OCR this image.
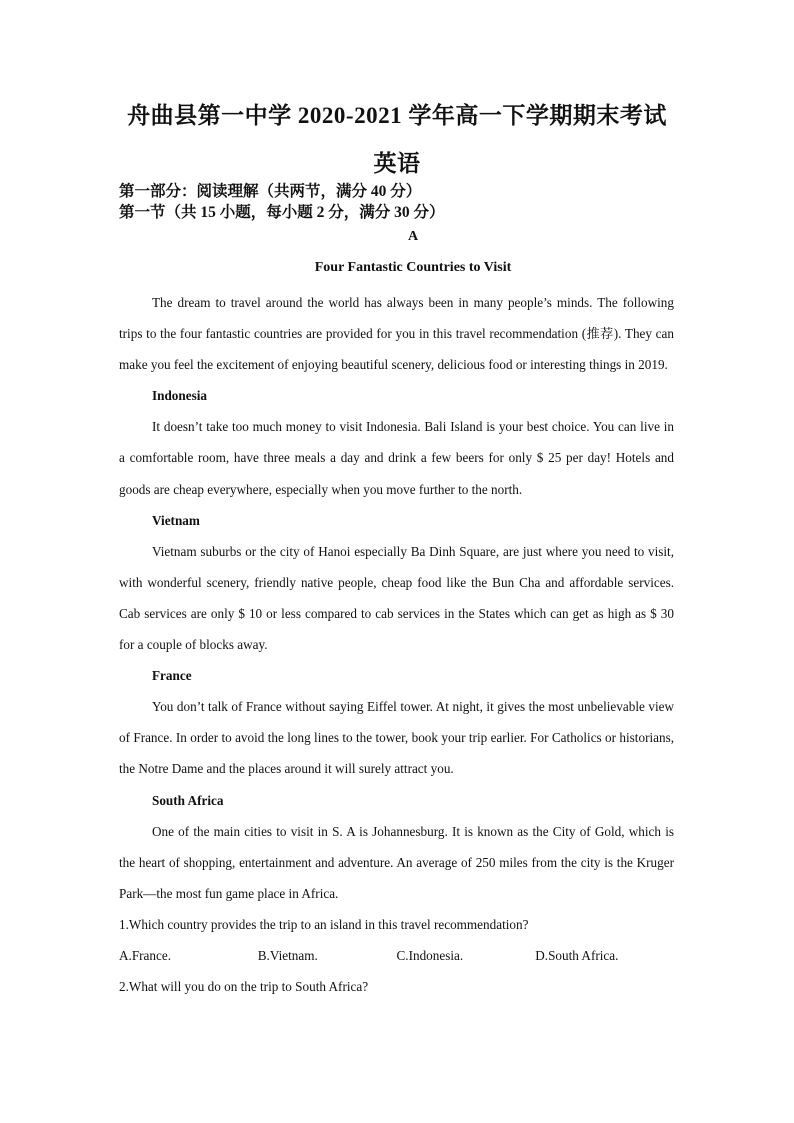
舟曲县第一中学 2020-2021 学年高一下学期期末考试
英语
第一部分：阅读理解（共两节，满分 40 分）
第一节（共 15 小题，每小题 2 分，满分 30 分）
A
Four Fantastic Countries to Visit

The dream to travel around the world has always been in many people’s minds. The following trips to the four fantastic countries are provided for you in this travel recommendation (推荐). They can make you feel the excitement of enjoying beautiful scenery, delicious food or interesting things in 2019.

Indonesia

It doesn’t take too much money to visit Indonesia. Bali Island is your best choice. You can live in a comfortable room, have three meals a day and drink a few beers for only $ 25 per day! Hotels and goods are cheap everywhere, especially when you move further to the north.

Vietnam

Vietnam suburbs or the city of Hanoi especially Ba Dinh Square, are just where you need to visit, with wonderful scenery, friendly native people, cheap food like the Bun Cha and affordable services. Cab services are only $ 10 or less compared to cab services in the States which can get as high as $ 30 for a couple of blocks away.

France

You don’t talk of France without saying Eiffel tower. At night, it gives the most unbelievable view of France. In order to avoid the long lines to the tower, book your trip earlier. For Catholics or historians, the Notre Dame and the places around it will surely attract you.

South Africa

One of the main cities to visit in S. A is Johannesburg. It is known as the City of Gold, which is the heart of shopping, entertainment and adventure. An average of 250 miles from the city is the Kruger Park—the most fun game place in Africa.

1.Which country provides the trip to an island in this travel recommendation?

A.France.	B.Vietnam.	C.Indonesia.	D.South Africa.

2.What will you do on the trip to South Africa?
